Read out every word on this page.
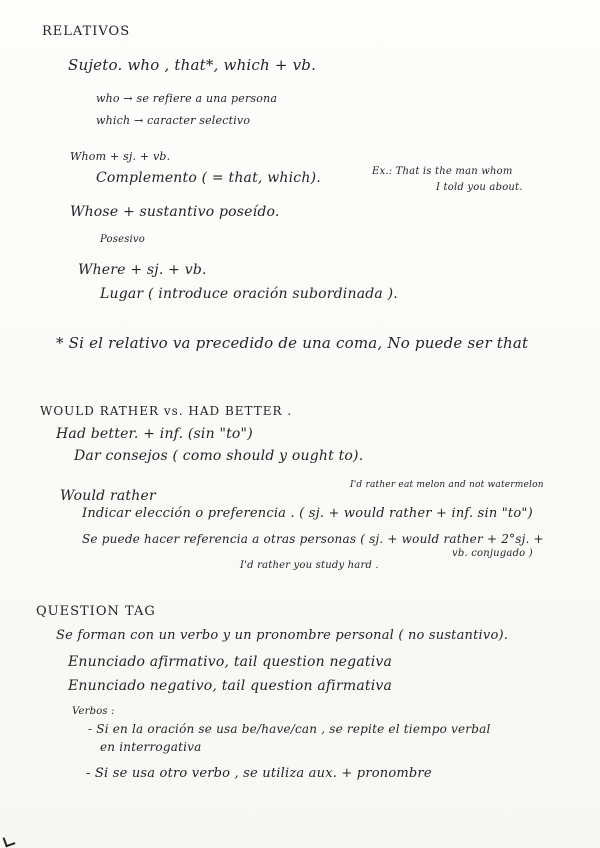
RELATIVOS
Sujeto. who , that*, which + vb.
who → se refiere a una persona
which → caracter selectivo
Whom + sj. + vb.
Complemento ( = that, which).	Ex.: That is the man whom
I told you about.
Whose + sustantivo poseído.
Posesivo
Where + sj. + vb.
Lugar ( introduce oración subordinada ).
* Si el relativo va precedido de una coma, No puede ser that
WOULD RATHER vs. HAD BETTER .
Had better. + inf. (sin "to")
Dar consejos ( como should y ought to).
Would rather
I'd rather eat melon and not watermelon
Indicar elección o preferencia . ( sj. + would rather + inf. sin "to")
Se puede hacer referencia a otras personas ( sj. + would rather + 2°sj. +
vb. conjugado )
I'd rather you study hard .
QUESTION TAG
Se forman con un verbo y un pronombre personal ( no sustantivo).
Enunciado afirmativo, tail question negativa
Enunciado negativo, tail question afirmativa
Verbos :
- Si en la oración se usa be/have/can , se repite el tiempo verbal
en interrogativa
- Si se usa otro verbo , se utiliza aux. + pronombre
